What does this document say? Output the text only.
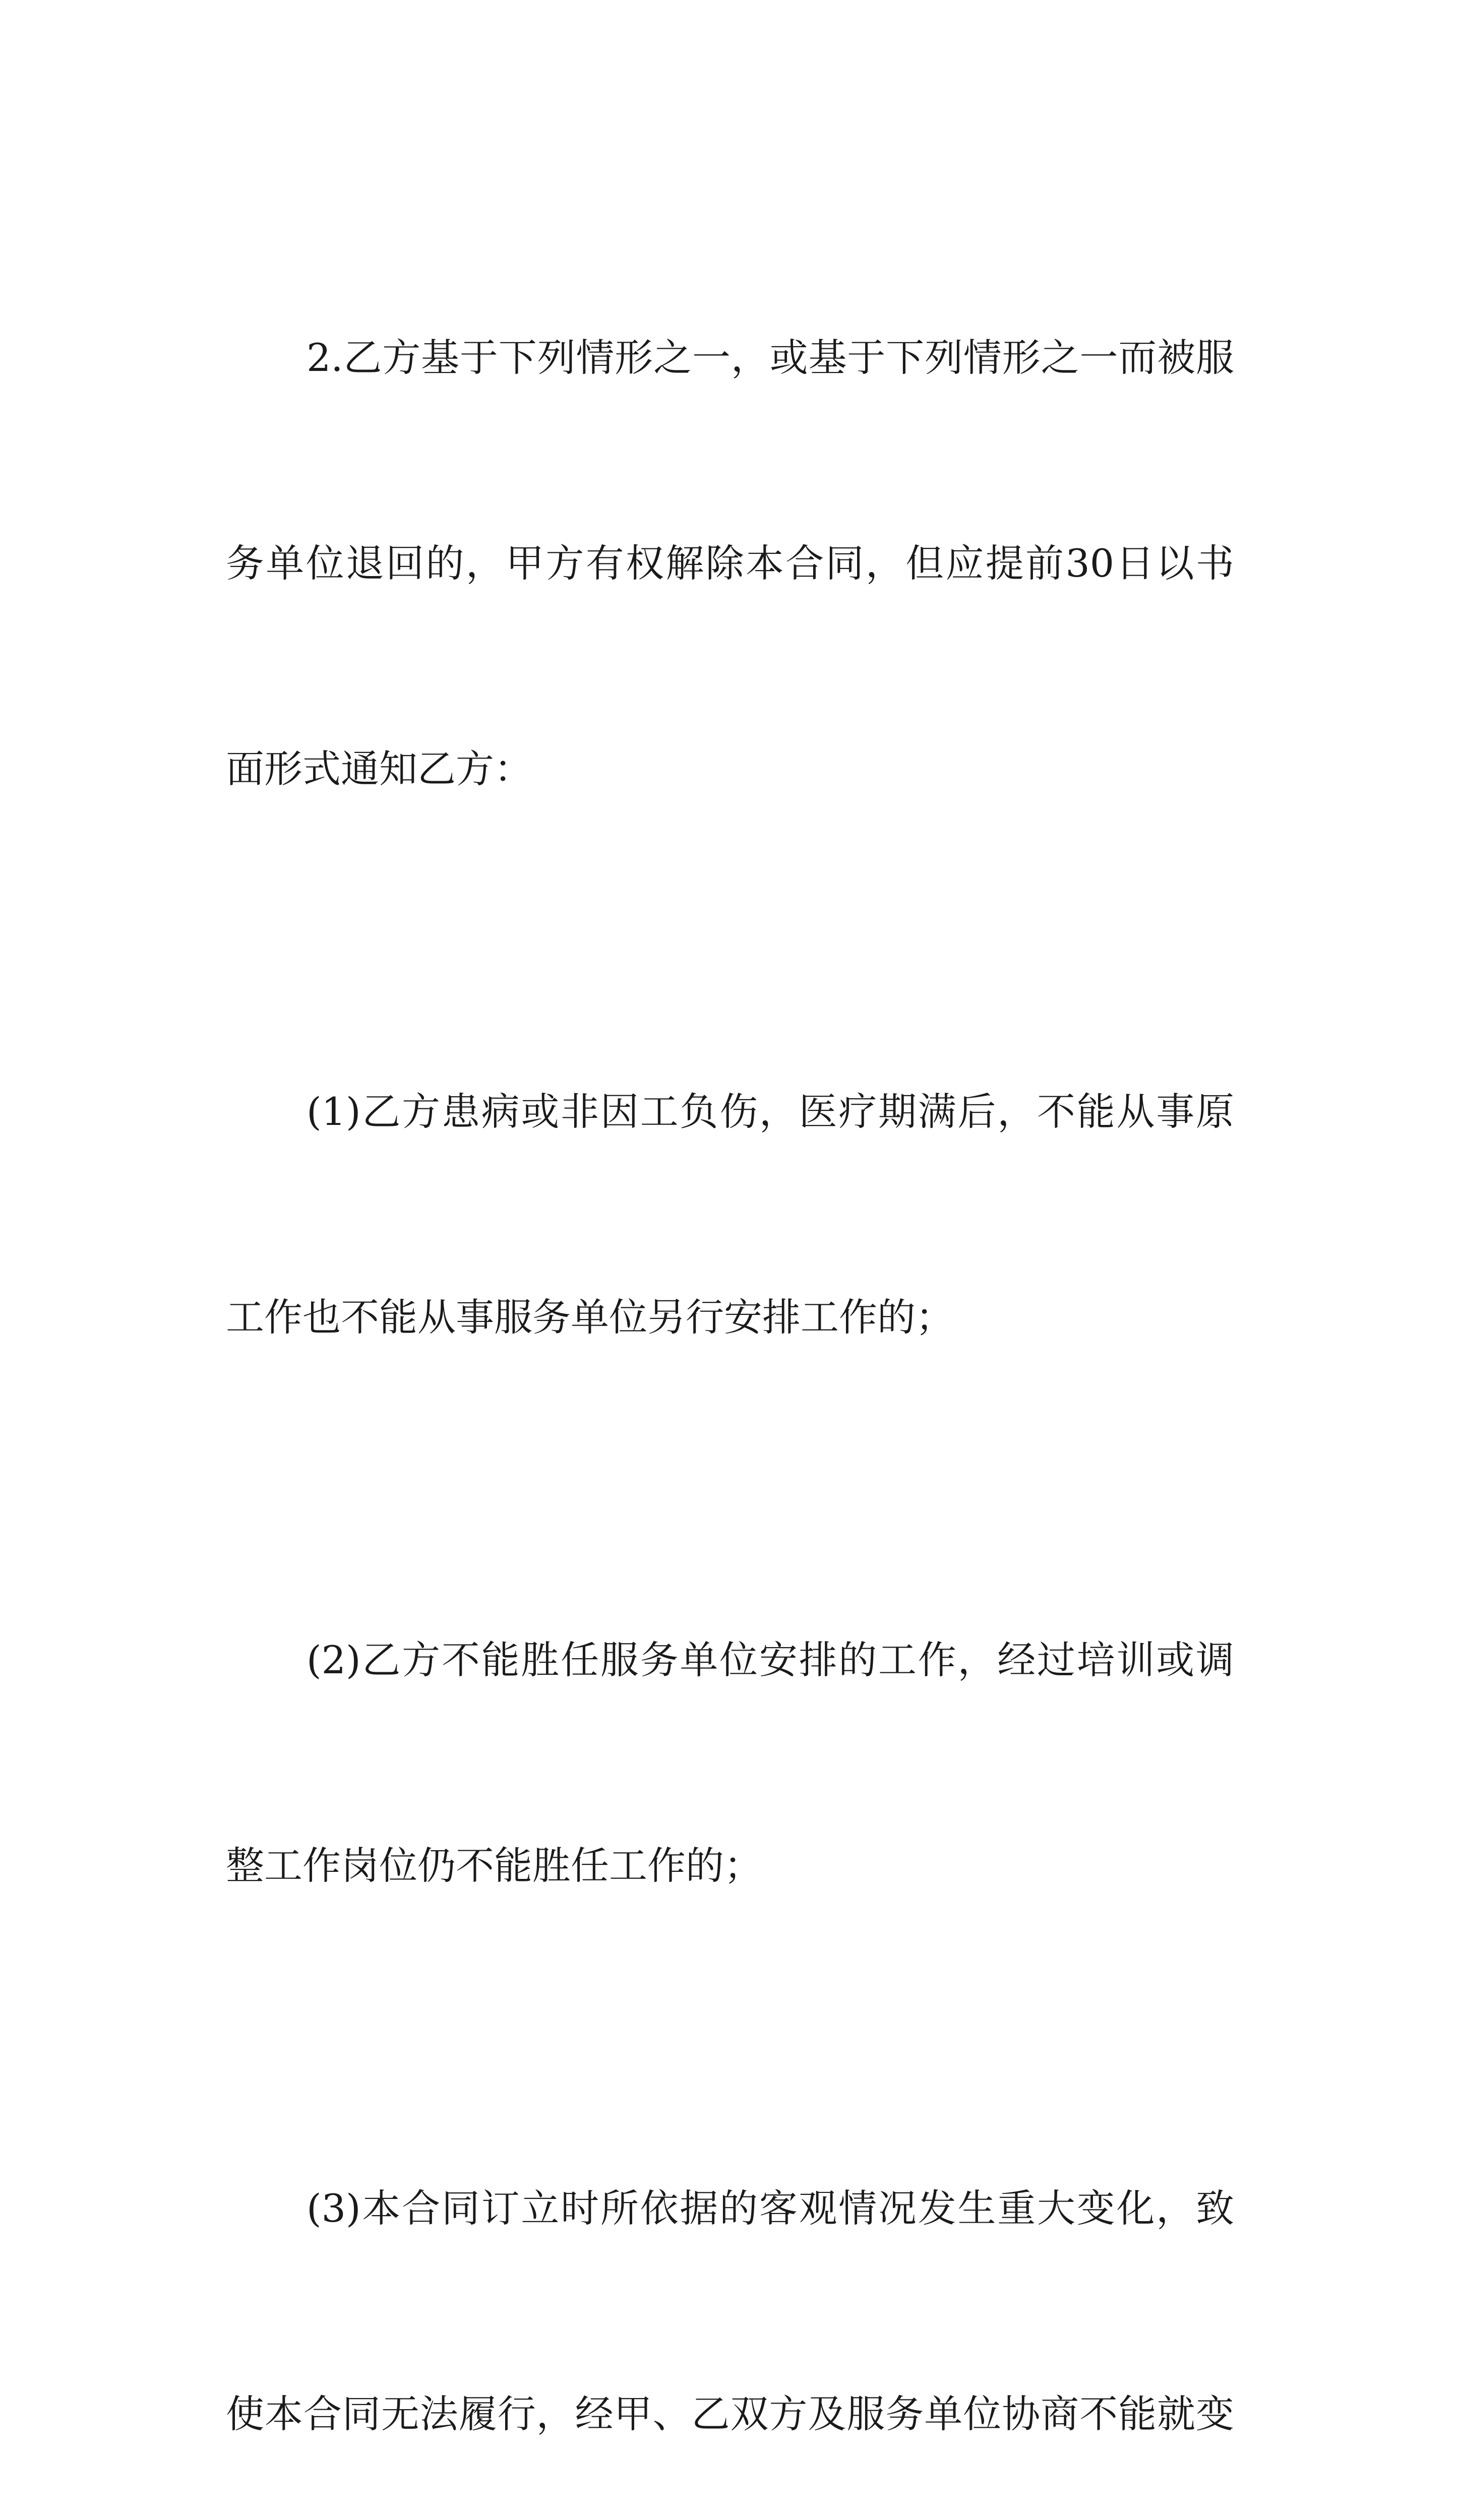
2.乙方基于下列情形之一，或基于下列情形之一而被服

务单位退回的，甲方有权解除本合同，但应提前30日以书

面形式通知乙方：

(1)乙方患病或非因工负伤，医疗期满后，不能从事原

工作也不能从事服务单位另行安排工作的；

(2)乙方不能胜任服务单位安排的工作，经过培训或调

整工作岗位仍不能胜任工作的；

(3)本合同订立时所依据的客观情况发生重大变化，致

使本合同无法履行，经甲、乙双方及服务单位协商不能就变
